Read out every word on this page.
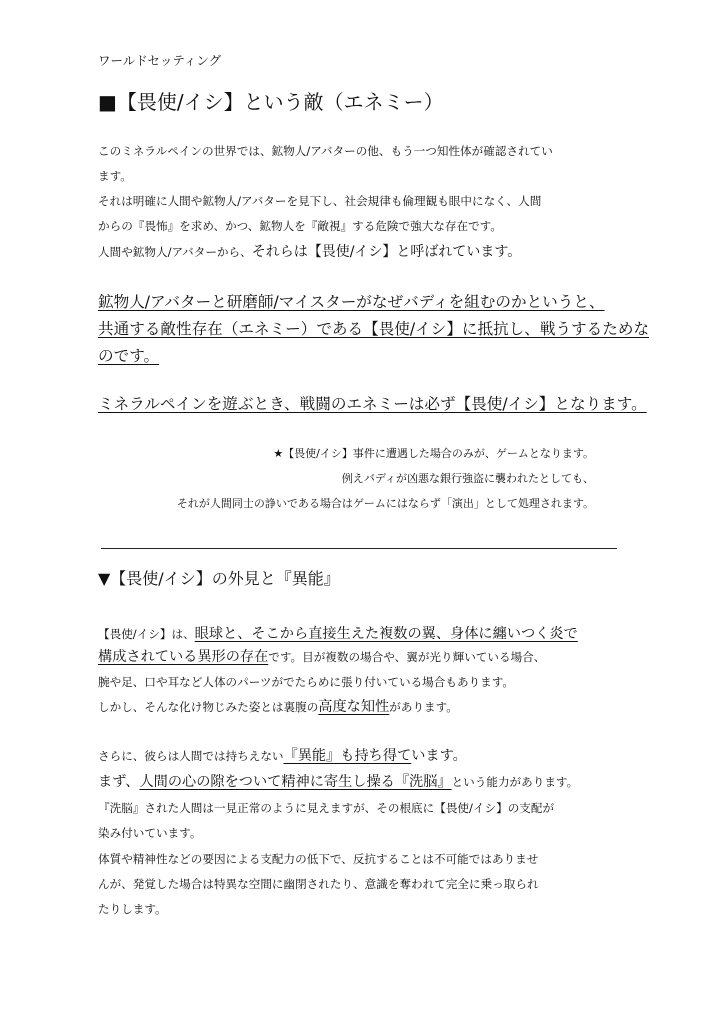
ワールドセッティング
■【畏使/イシ】という敵（エネミー）
このミネラルペインの世界では、鉱物人/アバターの他、もう一つ知性体が確認されてい
ます。
それは明確に人間や鉱物人/アバターを見下し、社会規律も倫理観も眼中になく、人間
からの『畏怖』を求め、かつ、鉱物人を『敵視』する危険で強大な存在です。
人間や鉱物人/アバターから、それらは【畏使/イシ】と呼ばれています。
鉱物人/アバターと研磨師/マイスターがなぜバディを組むのかというと、
共通する敵性存在（エネミー）である【畏使/イシ】に抵抗し、戦うするためな
のです。
ミネラルペインを遊ぶとき、戦闘のエネミーは必ず【畏使/イシ】となります。
★【畏使/イシ】事件に遭遇した場合のみが、ゲームとなります。
例えバディが凶悪な銀行強盗に襲われたとしても、
それが人間同士の諍いである場合はゲームにはならず「演出」として処理されます。
▼【畏使/イシ】の外見と『異能』
【畏使/イシ】は、眼球と、そこから直接生えた複数の翼、身体に纏いつく炎で
構成されている異形の存在です。目が複数の場合や、翼が光り輝いている場合、
腕や足、口や耳など人体のパーツがでたらめに張り付いている場合もあります。
しかし、そんな化け物じみた姿とは裏腹の高度な知性があります。
さらに、彼らは人間では持ちえない『異能』も持ち得ています。
まず、人間の心の隙をついて精神に寄生し操る『洗脳』という能力があります。
『洗脳』された人間は一見正常のように見えますが、その根底に【畏使/イシ】の支配が
染み付いています。
体質や精神性などの要因による支配力の低下で、反抗することは不可能ではありませ
んが、発覚した場合は特異な空間に幽閉されたり、意識を奪われて完全に乗っ取られ
たりします。
